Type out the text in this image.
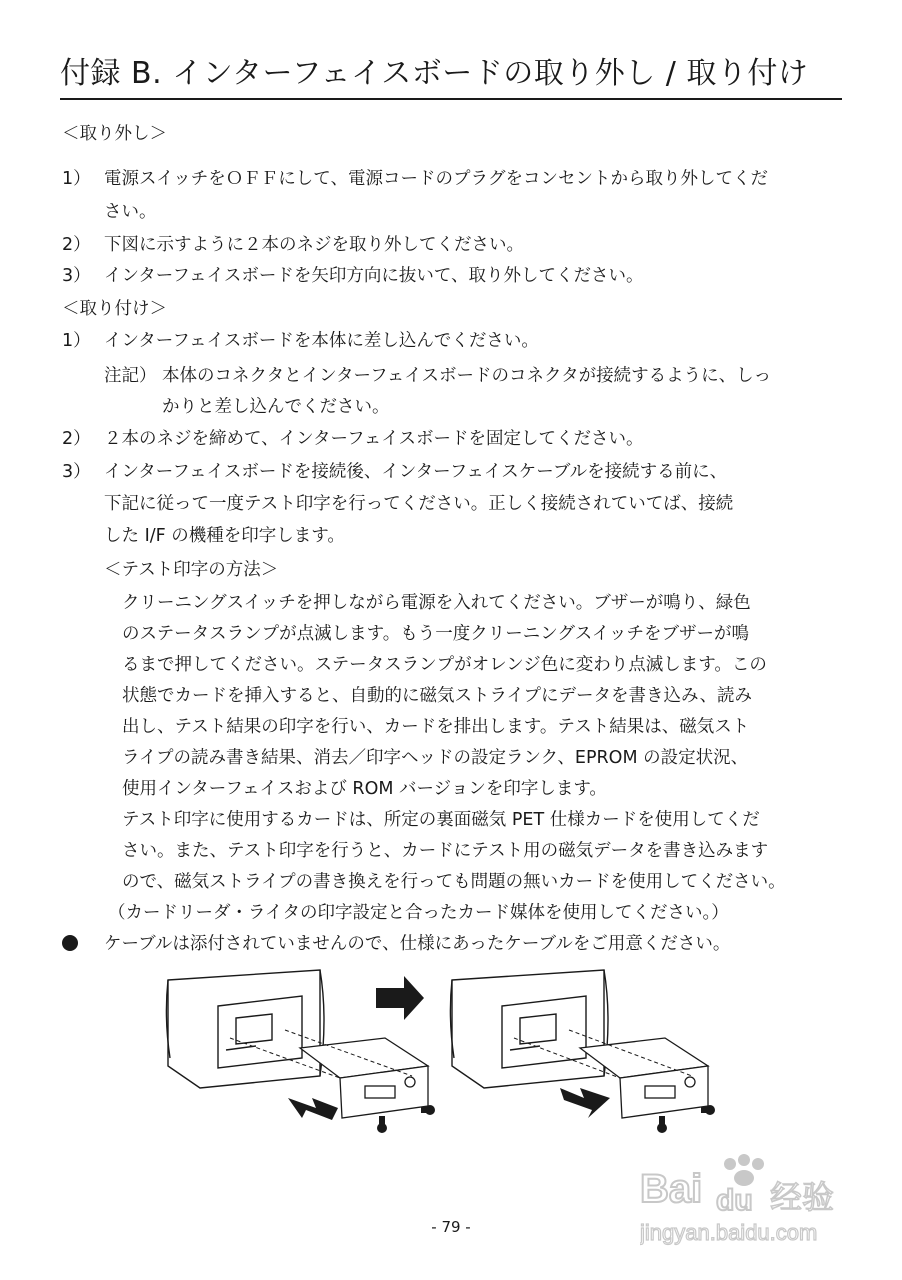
付録 B. インターフェイスボードの取り外し / 取り付け
＜取り外し＞
1） 電源スイッチをＯＦＦにして、電源コードのプラグをコンセントから取り外してくだ
さい。
2） 下図に示すように２本のネジを取り外してください。
3） インターフェイスボードを矢印方向に抜いて、取り外してください。
＜取り付け＞
1） インターフェイスボードを本体に差し込んでください。
注記） 本体のコネクタとインターフェイスボードのコネクタが接続するように、しっ
かりと差し込んでください。
2） ２本のネジを締めて、インターフェイスボードを固定してください。
3） インターフェイスボードを接続後、インターフェイスケーブルを接続する前に、
下記に従って一度テスト印字を行ってください。正しく接続されていてば、接続
した I/F の機種を印字します。
＜テスト印字の方法＞
クリーニングスイッチを押しながら電源を入れてください。ブザーが鳴り、緑色
のステータスランプが点滅します。もう一度クリーニングスイッチをブザーが鳴
るまで押してください。ステータスランプがオレンジ色に変わり点滅します。この
状態でカードを挿入すると、自動的に磁気ストライプにデータを書き込み、読み
出し、テスト結果の印字を行い、カードを排出します。テスト結果は、磁気スト
ライプの読み書き結果、消去／印字ヘッドの設定ランク、EPROM の設定状況、
使用インターフェイスおよび ROM バージョンを印字します。
テスト印字に使用するカードは、所定の裏面磁気 PET 仕様カードを使用してくだ
さい。また、テスト印字を行うと、カードにテスト用の磁気データを書き込みます
ので、磁気ストライプの書き換えを行っても問題の無いカードを使用してください。
（カードリーダ・ライタの印字設定と合ったカード媒体を使用してください。）
ケーブルは添付されていませんので、仕様にあったケーブルをご用意ください。
Bai du 经验
jingyan.baidu.com
- 79 -
